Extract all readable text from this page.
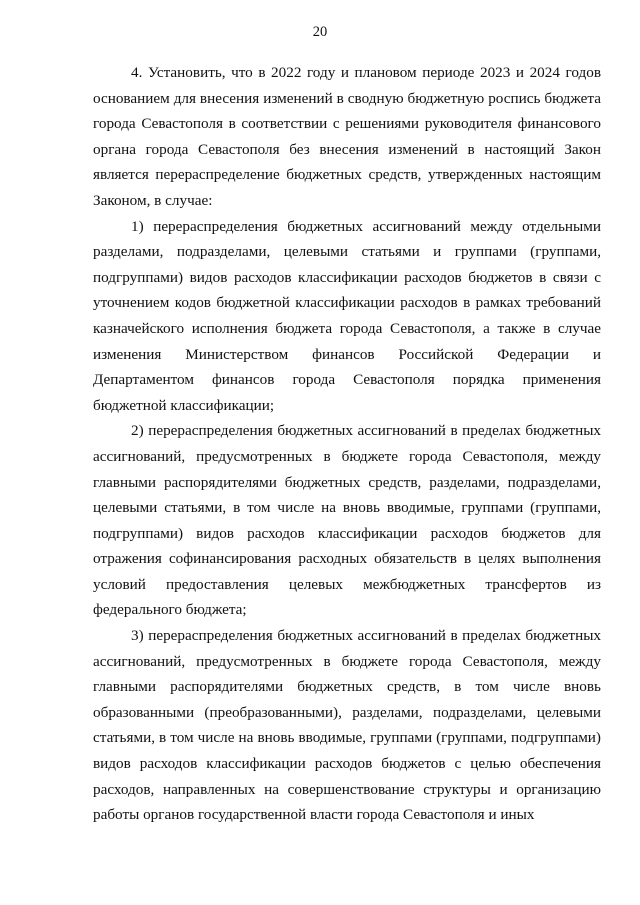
20

4. Установить, что в 2022 году и плановом периоде 2023 и 2024 годов основанием для внесения изменений в сводную бюджетную роспись бюджета города Севастополя в соответствии с решениями руководителя финансового органа города Севастополя без внесения изменений в настоящий Закон является перераспределение бюджетных средств, утвержденных настоящим Законом, в случае:

1) перераспределения бюджетных ассигнований между отдельными разделами, подразделами, целевыми статьями и группами (группами, подгруппами) видов расходов классификации расходов бюджетов в связи с уточнением кодов бюджетной классификации расходов в рамках требований казначейского исполнения бюджета города Севастополя, а также в случае изменения Министерством финансов Российской Федерации и Департаментом финансов города Севастополя порядка применения бюджетной классификации;

2) перераспределения бюджетных ассигнований в пределах бюджетных ассигнований, предусмотренных в бюджете города Севастополя, между главными распорядителями бюджетных средств, разделами, подразделами, целевыми статьями, в том числе на вновь вводимые, группами (группами, подгруппами) видов расходов классификации расходов бюджетов для отражения софинансирования расходных обязательств в целях выполнения условий предоставления целевых межбюджетных трансфертов из федерального бюджета;

3) перераспределения бюджетных ассигнований в пределах бюджетных ассигнований, предусмотренных в бюджете города Севастополя, между главными распорядителями бюджетных средств, в том числе вновь образованными (преобразованными), разделами, подразделами, целевыми статьями, в том числе на вновь вводимые, группами (группами, подгруппами) видов расходов классификации расходов бюджетов с целью обеспечения расходов, направленных на совершенствование структуры и организацию работы органов государственной власти города Севастополя и иных
